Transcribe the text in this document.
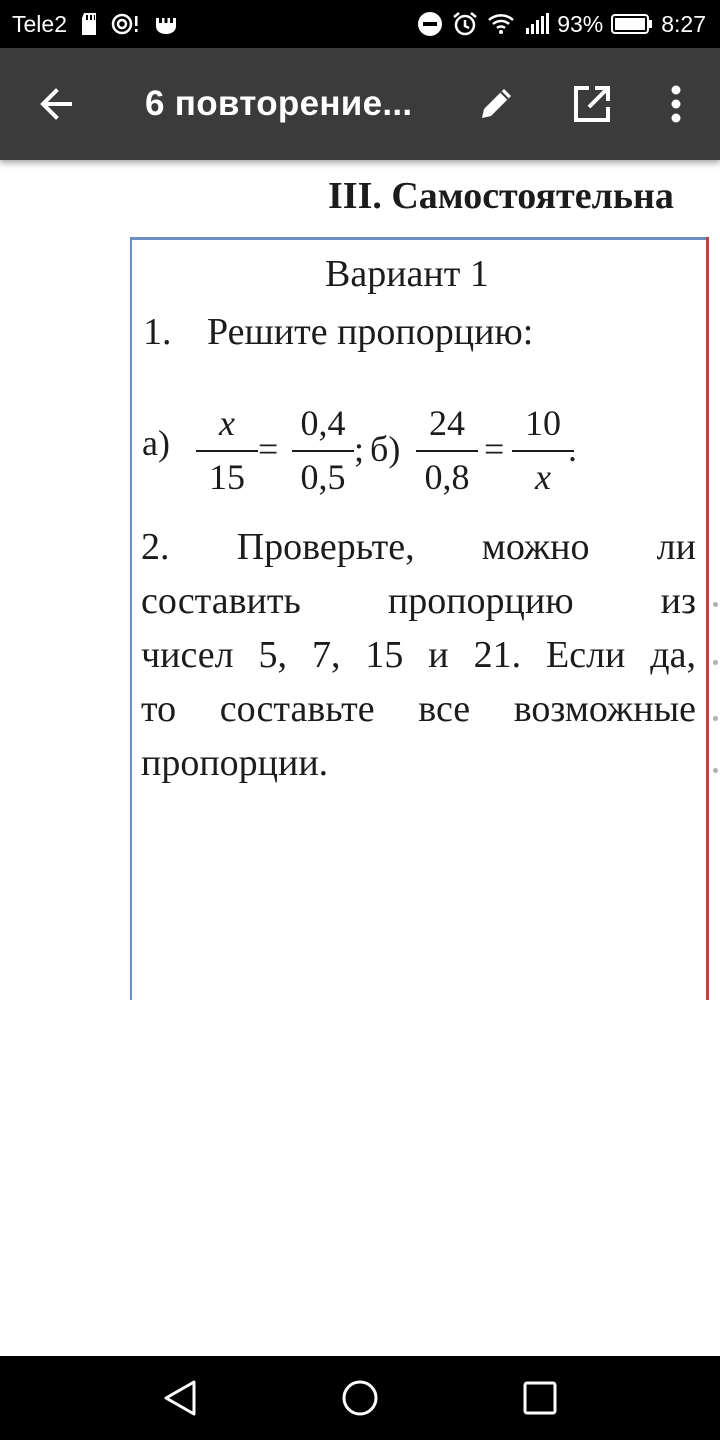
Tele2	93%	8:27
6 повторение...
III. Самостоятельна
Вариант 1
1. Решите пропорцию:
а)	x
15
=
0,4
0,5
; б)
24
0,8
=
10
x
.
2. Проверьте, можно ли
составить пропорцию из
чисел 5, 7, 15 и 21. Если да,
то составьте все возможные
пропорции.
